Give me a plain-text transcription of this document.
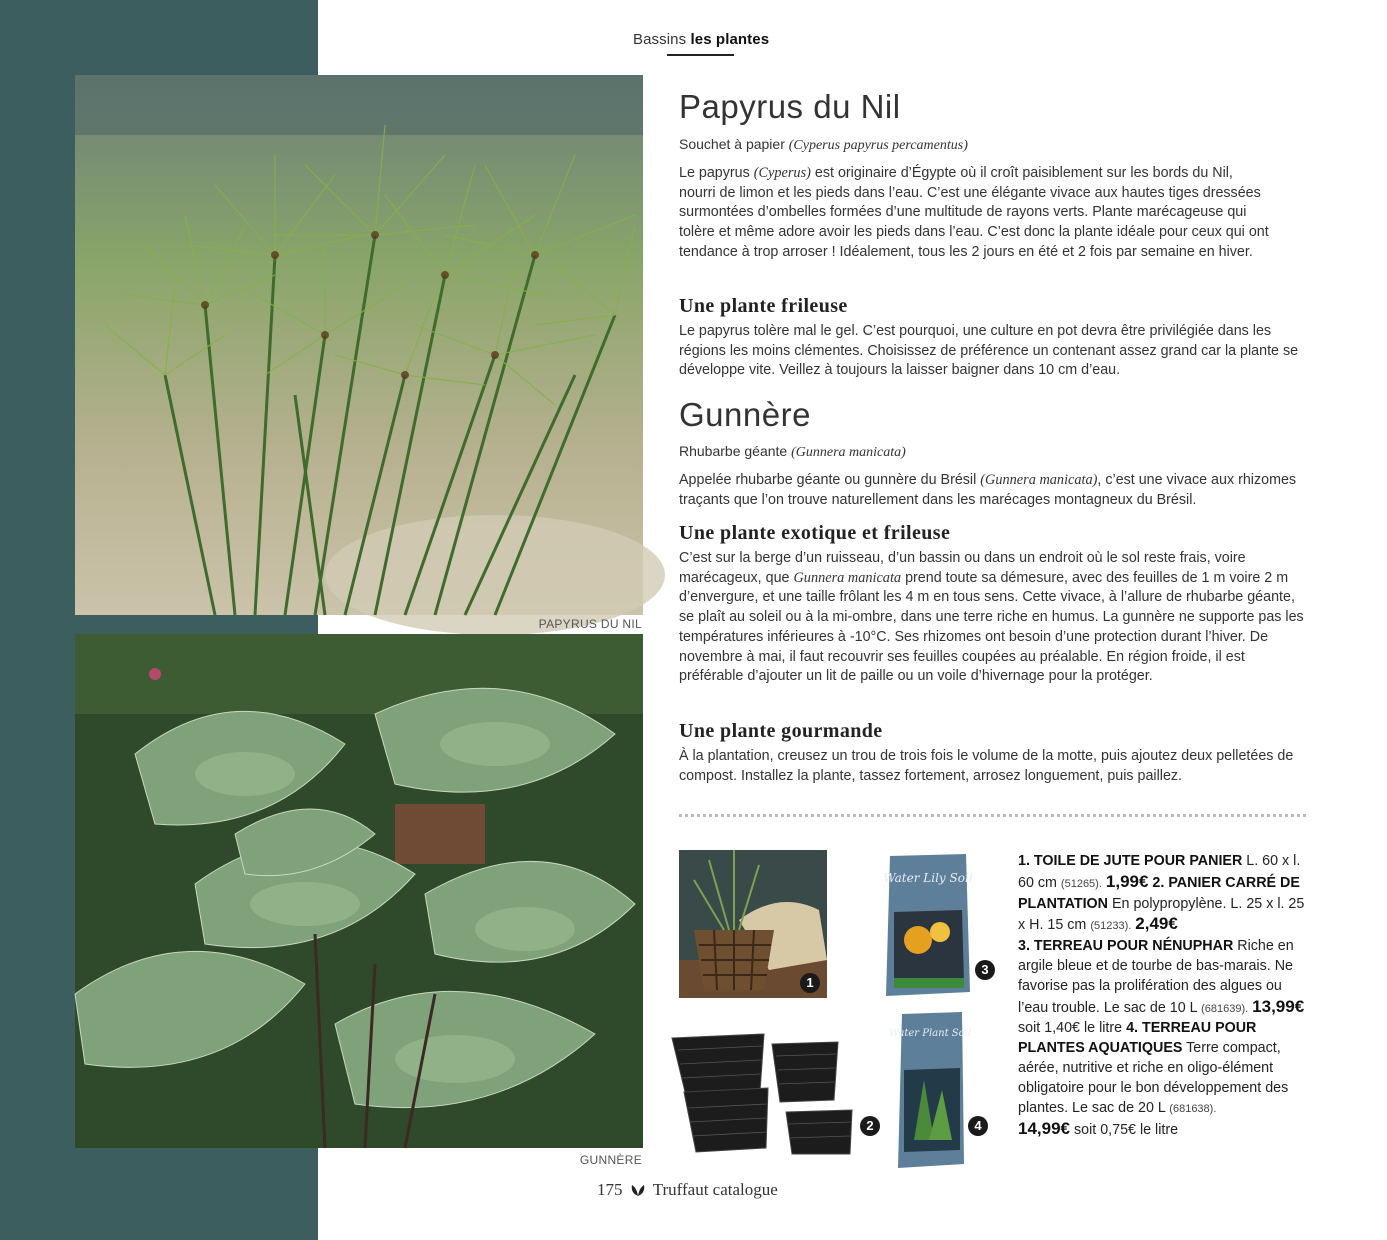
Bassins les plantes
PAPYRUS DU NIL
GUNNÈRE
Papyrus du Nil

Souchet à papier (Cyperus papyrus percamentus)

Le papyrus (Cyperus) est originaire d’Égypte où il croît paisiblement sur les bords du Nil, nourri de limon et les pieds dans l’eau. C’est une élégante vivace aux hautes tiges dressées surmontées d’ombelles formées d’une multitude de rayons verts. Plante marécageuse qui tolère et même adore avoir les pieds dans l’eau. C’est donc la plante idéale pour ceux qui ont tendance à trop arroser ! Idéalement, tous les 2 jours en été et 2 fois par semaine en hiver.

Une plante frileuse

Le papyrus tolère mal le gel. C’est pourquoi, une culture en pot devra être privilégiée dans les régions les moins clémentes. Choisissez de préférence un contenant assez grand car la plante se développe vite. Veillez à toujours la laisser baigner dans 10 cm d’eau.

Gunnère

Rhubarbe géante (Gunnera manicata)

Appelée rhubarbe géante ou gunnère du Brésil (Gunnera manicata), c’est une vivace aux rhizomes traçants que l’on trouve naturellement dans les marécages montagneux du Brésil.

Une plante exotique et frileuse

C’est sur la berge d’un ruisseau, d’un bassin ou dans un endroit où le sol reste frais, voire marécageux, que Gunnera manicata prend toute sa démesure, avec des feuilles de 1 m voire 2 m d’envergure, et une taille frôlant les 4 m en tous sens. Cette vivace, à l’allure de rhubarbe géante, se plaît au soleil ou à la mi-ombre, dans une terre riche en humus. La gunnère ne supporte pas les températures inférieures à -10°C. Ses rhizomes ont besoin d’une protection durant l’hiver. De novembre à mai, il faut recouvrir ses feuilles coupées au préalable. En région froide, il est préférable d’ajouter un lit de paille ou un voile d’hivernage pour la protéger.

Une plante gourmande

À la plantation, creusez un trou de trois fois le volume de la motte, puis ajoutez deux pelletées de compost. Installez la plante, tassez fortement, arrosez longuement, puis paillez.

1
2
Water Lily Soil
3
Water Plant Soil
4
1. TOILE DE JUTE POUR PANIER L. 60 x l. 60 cm (51265). 1,99€ 2. PANIER CARRÉ DE PLANTATION En polypropylène. L. 25 x l. 25 x H. 15 cm (51233). 2,49€
3. TERREAU POUR NÉNUPHAR Riche en argile bleue et de tourbe de bas-marais. Ne favorise pas la prolifération des algues ou l’eau trouble. Le sac de 10 L (681639). 13,99€ soit 1,40€ le litre 4. TERREAU POUR PLANTES AQUATIQUES Terre compact, aérée, nutritive et riche en oligo-élément obligatoire pour le bon développement des plantes. Le sac de 20 L (681638).
14,99€ soit 0,75€ le litre
175 Truffaut catalogue
